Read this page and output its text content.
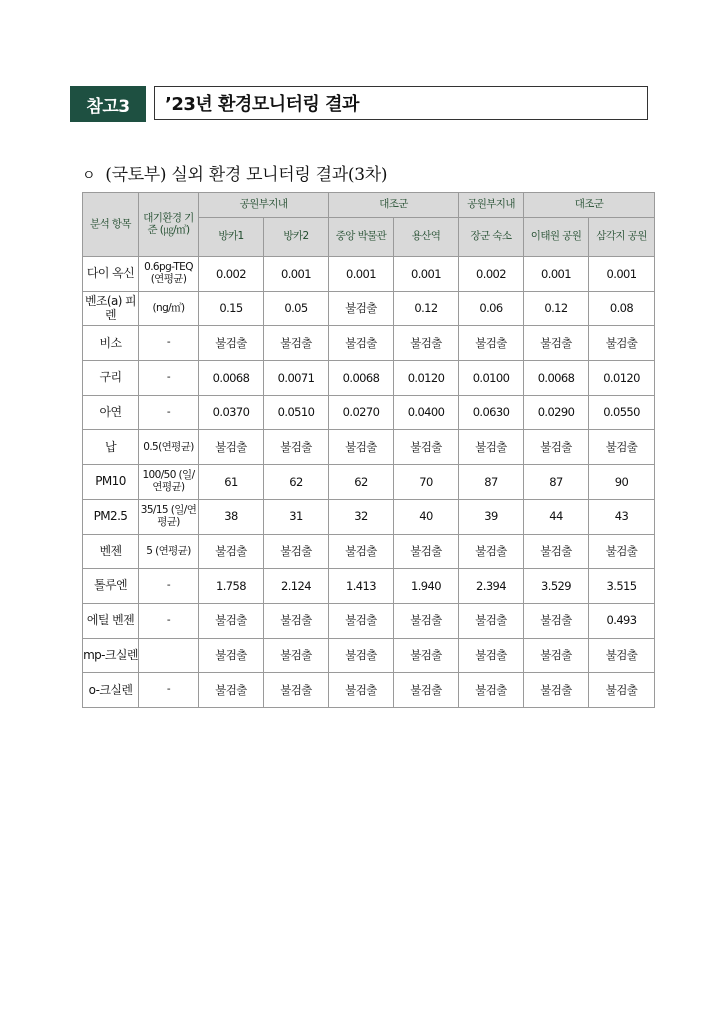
참고3	’23년 환경모니터링 결과
ㅇ (국토부) 실외 환경 모니터링 결과(3차)
분석 항목	대기환경 기준 (㎍/㎥)	공원부지내		대조군		공원부지내	대조군	
		방카1	방카2	중앙 박물관	용산역	장군 숙소	이태원 공원	삼각지 공원
다이 옥신	0.6pg-TEQ (연평균)	0.002	0.001	0.001	0.001	0.002	0.001	0.001
벤조(a) 피렌	(ng/㎥)	0.15	0.05	불검출	0.12	0.06	0.12	0.08
비소	-	불검출	불검출	불검출	불검출	불검출	불검출	불검출
구리	-	0.0068	0.0071	0.0068	0.0120	0.0100	0.0068	0.0120
아연	-	0.0370	0.0510	0.0270	0.0400	0.0630	0.0290	0.0550
납	0.5(연평균)	불검출	불검출	불검출	불검출	불검출	불검출	불검출
PM10	100/50 (일/연평균)	61	62	62	70	87	87	90
PM2.5	35/15 (일/연평균)	38	31	32	40	39	44	43
벤젠	5 (연평균)	불검출	불검출	불검출	불검출	불검출	불검출	불검출
톨루엔	-	1.758	2.124	1.413	1.940	2.394	3.529	3.515
에틸 벤젠	-	불검출	불검출	불검출	불검출	불검출	불검출	0.493
mp-크실렌		불검출	불검출	불검출	불검출	불검출	불검출	불검출
o-크실렌	-	불검출	불검출	불검출	불검출	불검출	불검출	불검출
